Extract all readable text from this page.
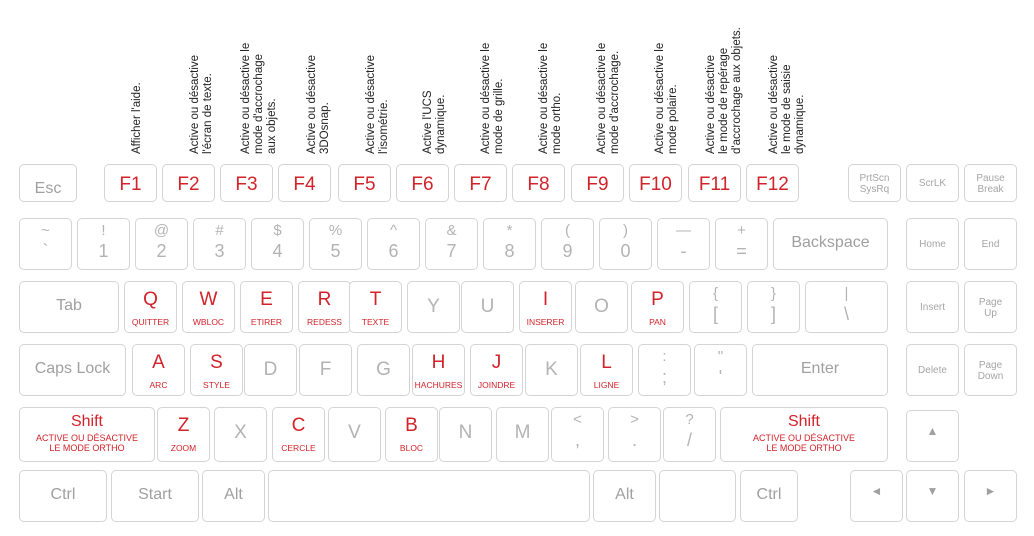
Afficher l'aide.	Active ou désactive l'écran de texte. Active ou désactive le mode d'accrochage aux objets. Active ou désactive 3DOsnap.	Active ou désactive l'isométrie.	Active l'UCS dynamique.	Active ou désactive le mode de grille.	Active ou désactive le mode ortho.	Active ou désactive le mode d'accrochage.	Active ou désactive le mode polaire. Active ou désactive le mode de repérage d'accrochage aux objets. Active ou désactive le mode de saisie dynamique.
Esc	F1	F2	F3	F4	F5	F6	F7	F8	F9	F10	F11	F12	PrtScn
SysRq
ScrLK	Pause
Break
~
`
!
1
@
2
#
3
$
4
%
5
^
6
&
7
*
8
(
9
)
0
—
-
+
=	Backspace	Home	End
Tab	Q
QUITTER
W
WBLOC
E
ETIRER
R
REDESS
T
TEXTE
Y	U	I
INSERER
O	P
PAN
{
[
}
]
|
\	Insert	Page
Up
Caps Lock	A
ARC
S
STYLE
D	F	G	H
HACHURES
J
JOINDRE
K	L
LIGNE
:
;
"
'	Enter	Delete	Page
Down
Shift
ACTIVE OU DÉSACTIVE
LE MODE ORTHO
Z
ZOOM
X	C
CERCLE
V	B
BLOC
N	M
<
,
>
.
?
/
Shift
ACTIVE OU DÉSACTIVE
LE MODE ORTHO
▲
Ctrl	Start	Alt	Alt	Ctrl	◄	▼	►
